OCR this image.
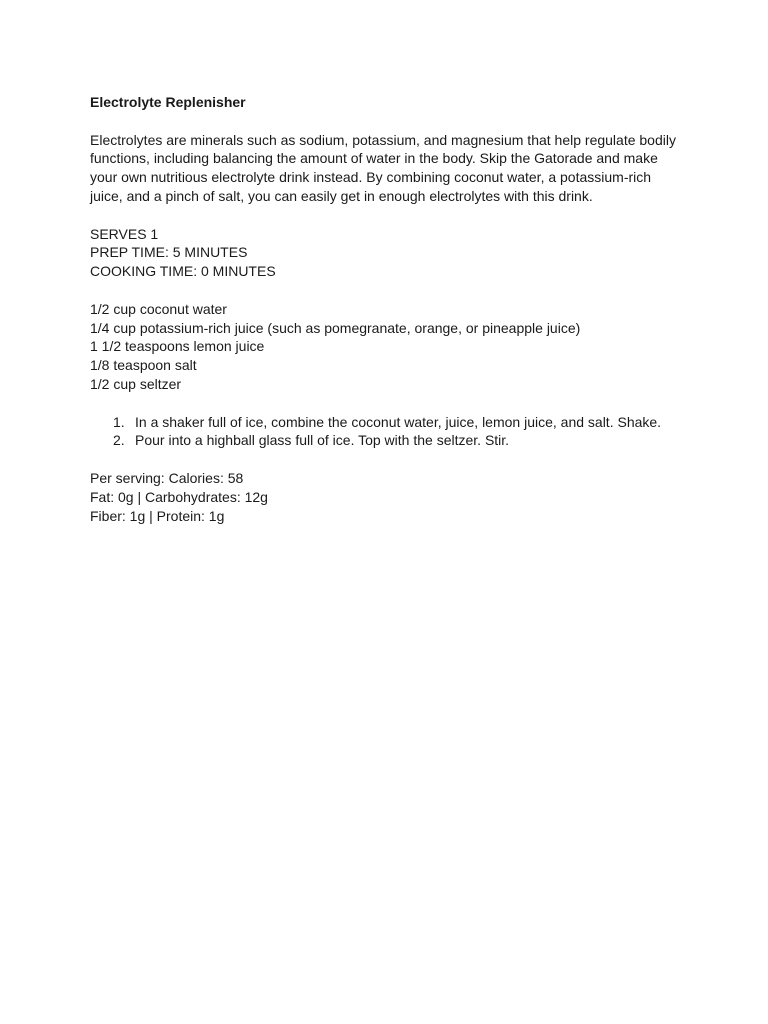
Electrolyte Replenisher

Electrolytes are minerals such as sodium, potassium, and magnesium that help regulate bodily
functions, including balancing the amount of water in the body. Skip the Gatorade and make
your own nutritious electrolyte drink instead. By combining coconut water, a potassium-rich
juice, and a pinch of salt, you can easily get in enough electrolytes with this drink.
SERVES 1
PREP TIME: 5 MINUTES
COOKING TIME: 0 MINUTES
1/2 cup coconut water
1/4 cup potassium-rich juice (such as pomegranate, orange, or pineapple juice)
1 1/2 teaspoons lemon juice
1/8 teaspoon salt
1/2 cup seltzer
1. In a shaker full of ice, combine the coconut water, juice, lemon juice, and salt. Shake.
2. Pour into a highball glass full of ice. Top with the seltzer. Stir.
Per serving: Calories: 58
Fat: 0g | Carbohydrates: 12g
Fiber: 1g | Protein: 1g
